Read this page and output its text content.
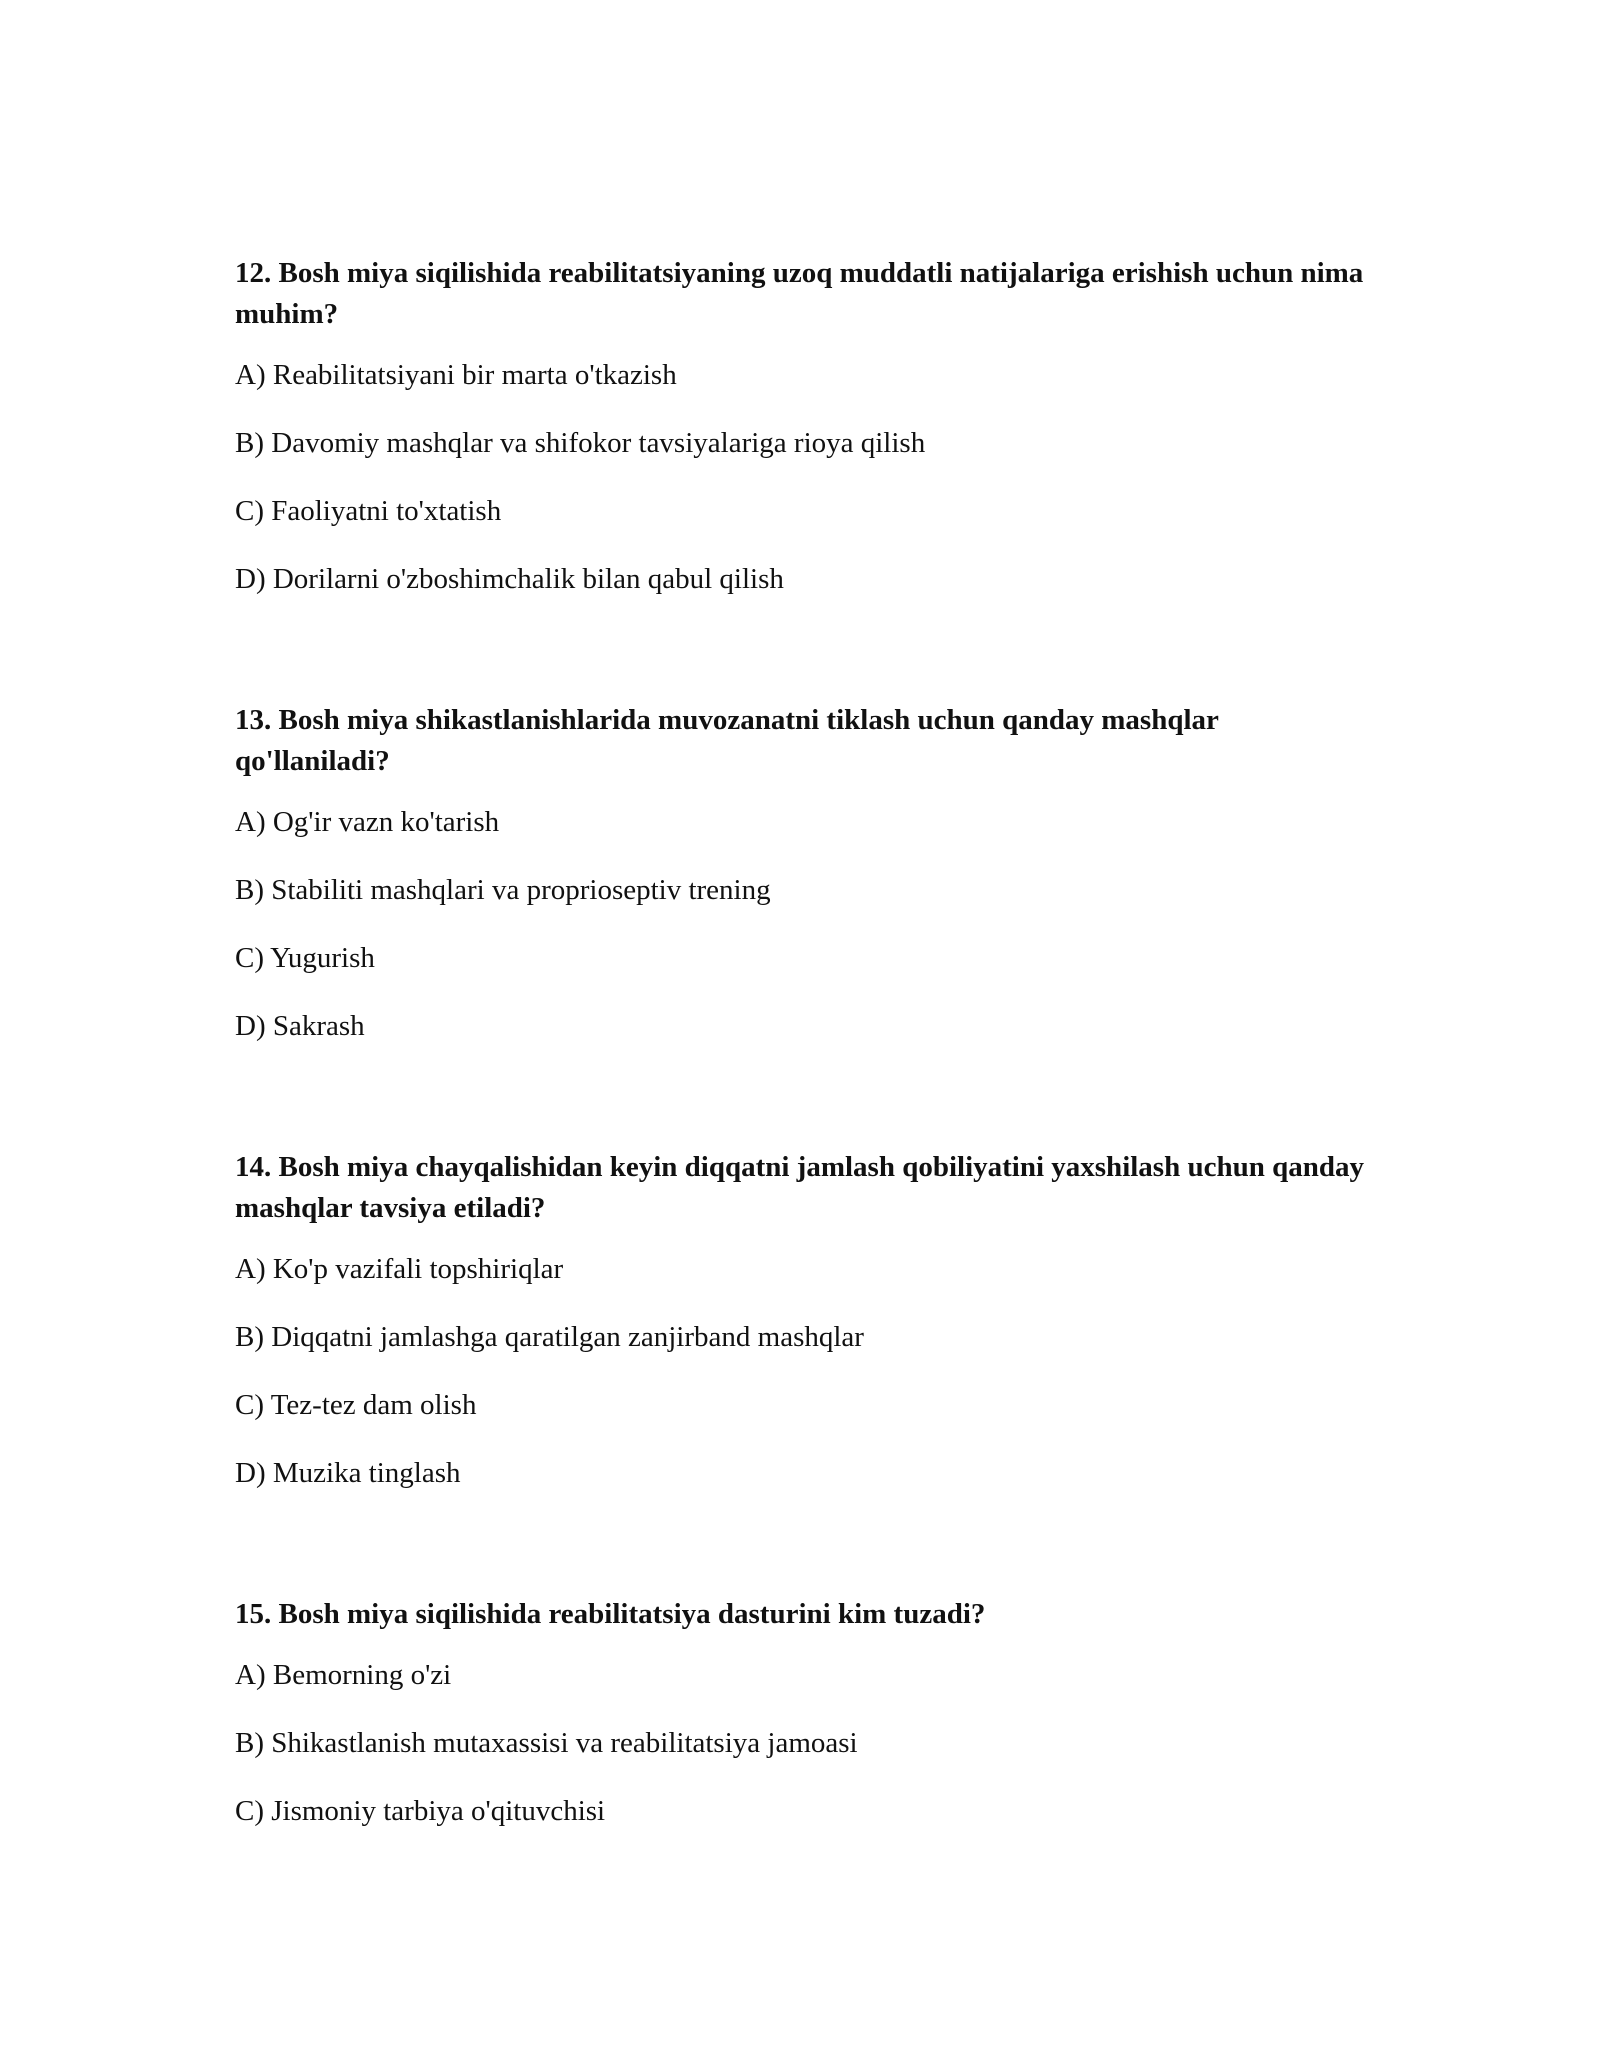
12. Bosh miya siqilishida reabilitatsiyaning uzoq muddatli natijalariga erishish uchun nima muhim?

A) Reabilitatsiyani bir marta o'tkazish

B) Davomiy mashqlar va shifokor tavsiyalariga rioya qilish

C) Faoliyatni to'xtatish

D) Dorilarni o'zboshimchalik bilan qabul qilish

13. Bosh miya shikastlanishlarida muvozanatni tiklash uchun qanday mashqlar qo'llaniladi?

A) Og'ir vazn ko'tarish

B) Stabiliti mashqlari va proprioseptiv trening

C) Yugurish

D) Sakrash

14. Bosh miya chayqalishidan keyin diqqatni jamlash qobiliyatini yaxshilash uchun qanday mashqlar tavsiya etiladi?

A) Ko'p vazifali topshiriqlar

B) Diqqatni jamlashga qaratilgan zanjirband mashqlar

C) Tez-tez dam olish

D) Muzika tinglash

15. Bosh miya siqilishida reabilitatsiya dasturini kim tuzadi?

A) Bemorning o'zi

B) Shikastlanish mutaxassisi va reabilitatsiya jamoasi

C) Jismoniy tarbiya o'qituvchisi
